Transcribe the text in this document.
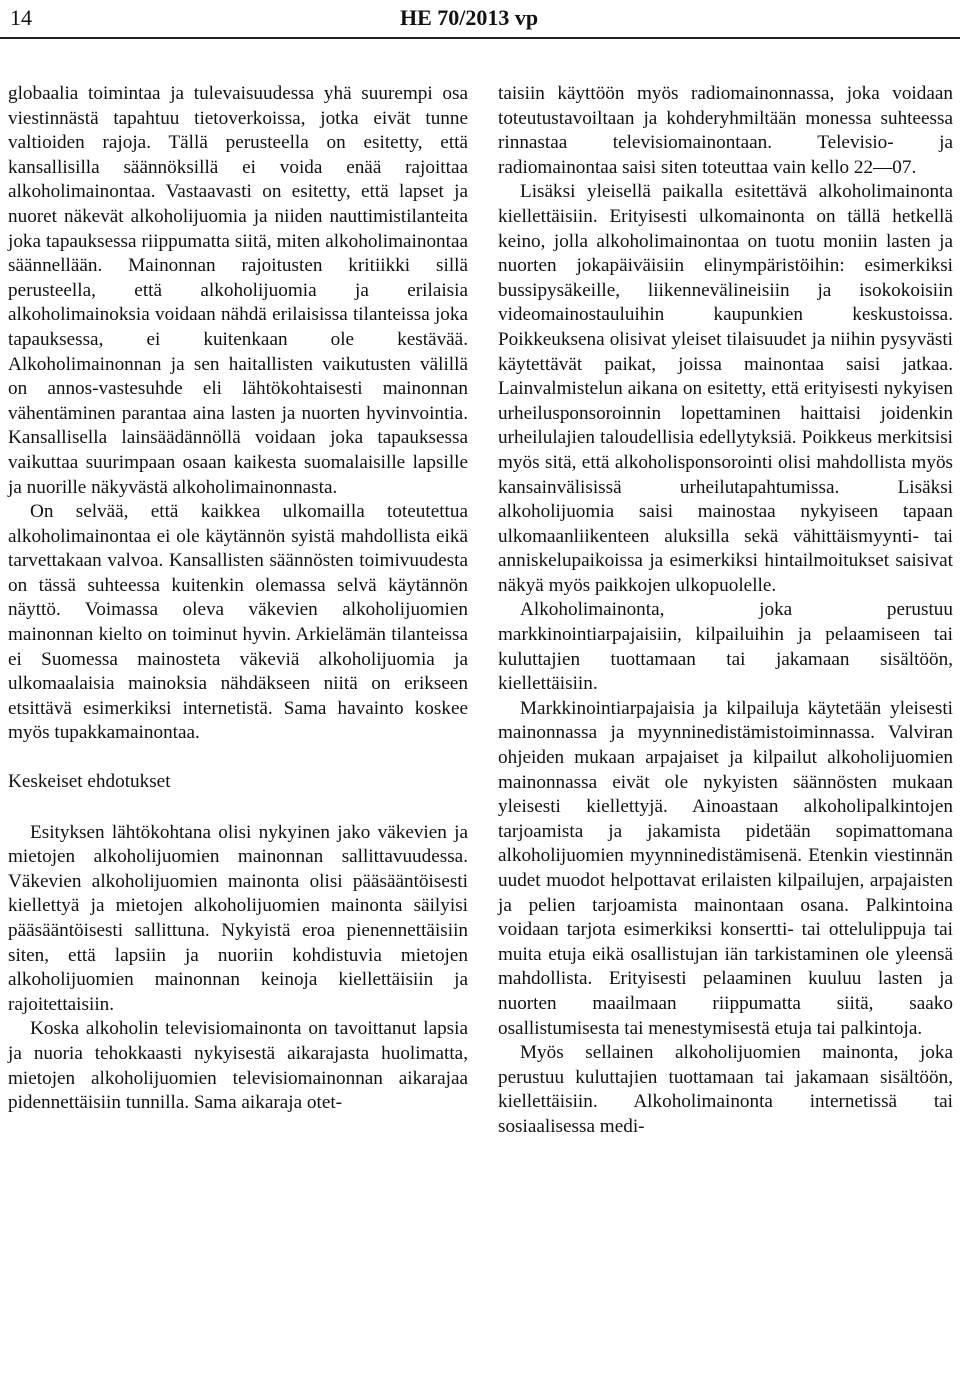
14	HE 70/2013 vp

globaalia toimintaa ja tulevaisuudessa yhä suurempi osa viestinnästä tapahtuu tietoverkoissa, jotka eivät tunne valtioiden rajoja. Tällä perusteella on esitetty, että kansallisilla säännöksillä ei voida enää rajoittaa alkoholimainontaa. Vastaavasti on esitetty, että lapset ja nuoret näkevät alkoholijuomia ja niiden nauttimistilanteita joka tapauksessa riippumatta siitä, miten alkoholimainontaa säännellään. Mainonnan rajoitusten kritiikki sillä perusteella, että alkoholijuomia ja erilaisia alkoholimainoksia voidaan nähdä erilaisissa tilanteissa joka tapauksessa, ei kuitenkaan ole kestävää. Alkoholimainonnan ja sen haitallisten vaikutusten välillä on annos-vastesuhde eli lähtökohtaisesti mainonnan vähentäminen parantaa aina lasten ja nuorten hyvinvointia. Kansallisella lainsäädännöllä voidaan joka tapauksessa vaikuttaa suurimpaan osaan kaikesta suomalaisille lapsille ja nuorille näkyvästä alkoholimainonnasta.

On selvää, että kaikkea ulkomailla toteutettua alkoholimainontaa ei ole käytännön syistä mahdollista eikä tarvettakaan valvoa. Kansallisten säännösten toimivuudesta on tässä suhteessa kuitenkin olemassa selvä käytännön näyttö. Voimassa oleva väkevien alkoholijuomien mainonnan kielto on toiminut hyvin. Arkielämän tilanteissa ei Suomessa mainosteta väkeviä alkoholijuomia ja ulkomaalaisia mainoksia nähdäkseen niitä on erikseen etsittävä esimerkiksi internetistä. Sama havainto koskee myös tupakkamainontaa.

Keskeiset ehdotukset

Esityksen lähtökohtana olisi nykyinen jako väkevien ja mietojen alkoholijuomien mainonnan sallittavuudessa. Väkevien alkoholijuomien mainonta olisi pääsääntöisesti kiellettyä ja mietojen alkoholijuomien mainonta säilyisi pääsääntöisesti sallittuna. Nykyistä eroa pienennettäisiin siten, että lapsiin ja nuoriin kohdistuvia mietojen alkoholijuomien mainonnan keinoja kiellettäisiin ja rajoitettaisiin.

Koska alkoholin televisiomainonta on tavoittanut lapsia ja nuoria tehokkaasti nykyisestä aikarajasta huolimatta, mietojen alkoholijuomien televisiomainonnan aikarajaa pidennettäisiin tunnilla. Sama aikaraja otet-

taisiin käyttöön myös radiomainonnassa, joka voidaan toteutustavoiltaan ja kohderyhmiltään monessa suhteessa rinnastaa televisiomainontaan. Televisio- ja radiomainontaa saisi siten toteuttaa vain kello 22—07.

Lisäksi yleisellä paikalla esitettävä alkoholimainonta kiellettäisiin. Erityisesti ulkomainonta on tällä hetkellä keino, jolla alkoholimainontaa on tuotu moniin lasten ja nuorten jokapäiväisiin elinympäristöihin: esimerkiksi bussipysäkeille, liikennevälineisiin ja isokokoisiin videomainostauluihin kaupunkien keskustoissa. Poikkeuksena olisivat yleiset tilaisuudet ja niihin pysyvästi käytettävät paikat, joissa mainontaa saisi jatkaa. Lainvalmistelun aikana on esitetty, että erityisesti nykyisen urheilusponsoroinnin lopettaminen haittaisi joidenkin urheilulajien taloudellisia edellytyksiä. Poikkeus merkitsisi myös sitä, että alkoholisponsorointi olisi mahdollista myös kansainvälisissä urheilutapahtumissa. Lisäksi alkoholijuomia saisi mainostaa nykyiseen tapaan ulkomaanliikenteen aluksilla sekä vähittäismyynti- tai anniskelupaikoissa ja esimerkiksi hintailmoitukset saisivat näkyä myös paikkojen ulkopuolelle.

Alkoholimainonta, joka perustuu markkinointiarpajaisiin, kilpailuihin ja pelaamiseen tai kuluttajien tuottamaan tai jakamaan sisältöön, kiellettäisiin.

Markkinointiarpajaisia ja kilpailuja käytetään yleisesti mainonnassa ja myynninedistämistoiminnassa. Valviran ohjeiden mukaan arpajaiset ja kilpailut alkoholijuomien mainonnassa eivät ole nykyisten säännösten mukaan yleisesti kiellettyjä. Ainoastaan alkoholipalkintojen tarjoamista ja jakamista pidetään sopimattomana alkoholijuomien myynninedistämisenä. Etenkin viestinnän uudet muodot helpottavat erilaisten kilpailujen, arpajaisten ja pelien tarjoamista mainontaan osana. Palkintoina voidaan tarjota esimerkiksi konsertti- tai ottelulippuja tai muita etuja eikä osallistujan iän tarkistaminen ole yleensä mahdollista. Erityisesti pelaaminen kuuluu lasten ja nuorten maailmaan riippumatta siitä, saako osallistumisesta tai menestymisestä etuja tai palkintoja.

Myös sellainen alkoholijuomien mainonta, joka perustuu kuluttajien tuottamaan tai jakamaan sisältöön, kiellettäisiin. Alkoholimainonta internetissä tai sosiaalisessa medi-
